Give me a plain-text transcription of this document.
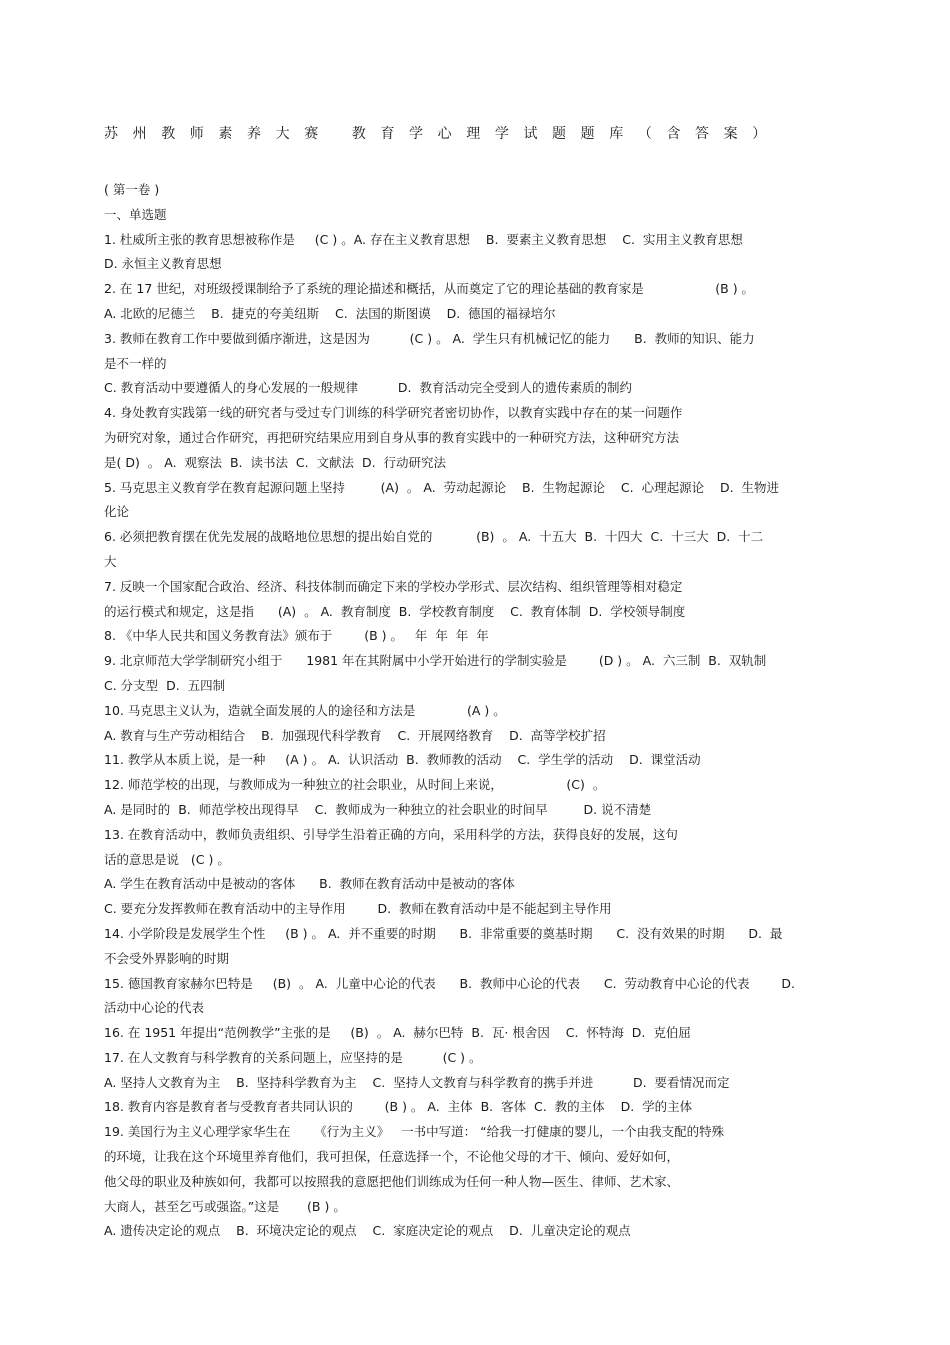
苏州教师素养大赛 教育学心理学试题题库（含答案）
( 第一卷 )
一、单选题
1. 杜威所主张的教育思想被称作是     (C ) 。A. 存在主义教育思想    B.  要素主义教育思想    C.  实用主义教育思想
D. 永恒主义教育思想
2. 在 17 世纪，对班级授课制给予了系统的理论描述和概括，从而奠定了它的理论基础的教育家是                  (B ) 。
A. 北欧的尼德兰    B.  捷克的夸美纽斯    C.  法国的斯图谟    D.  德国的福禄培尔
3. 教师在教育工作中要做到循序渐进，这是因为          (C ) 。 A.  学生只有机械记忆的能力      B.  教师的知识、能力
是不一样的
C. 教育活动中要遵循人的身心发展的一般规律          D.  教育活动完全受到人的遗传素质的制约
4. 身处教育实践第一线的研究者与受过专门训练的科学研究者密切协作，以教育实践中存在的某一问题作
为研究对象，通过合作研究，再把研究结果应用到自身从事的教育实践中的一种研究方法，这种研究方法
是( D)  。 A.  观察法  B.  读书法  C.  文献法  D.  行动研究法
5. 马克思主义教育学在教育起源问题上坚持         (A)  。 A.  劳动起源论    B.  生物起源论    C.  心理起源论    D.  生物进
化论
6. 必须把教育摆在优先发展的战略地位思想的提出始自党的           (B)  。 A.  十五大  B.  十四大  C.  十三大  D.  十二
大
7. 反映一个国家配合政治、经济、科技体制而确定下来的学校办学形式、层次结构、组织管理等相对稳定
的运行模式和规定，这是指      (A)  。 A.  教育制度  B.  学校教育制度    C.  教育体制  D.  学校领导制度
8. 《中华人民共和国义务教育法》颁布于        (B ) 。   年  年  年  年
9. 北京师范大学学制研究小组于      1981 年在其附属中小学开始进行的学制实验是        (D ) 。 A.  六三制  B.  双轨制
C. 分支型  D.  五四制
10. 马克思主义认为，造就全面发展的人的途径和方法是             (A ) 。
A. 教育与生产劳动相结合    B.  加强现代科学教育    C.  开展网络教育    D.  高等学校扩招
11. 教学从本质上说，是一种     (A ) 。 A.  认识活动  B.  教师教的活动    C.  学生学的活动    D.  课堂活动
12. 师范学校的出现，与教师成为一种独立的社会职业，从时间上来说，                (C)  。
A. 是同时的  B.  师范学校出现得早    C.  教师成为一种独立的社会职业的时间早         D. 说不清楚
13. 在教育活动中，教师负责组织、引导学生沿着正确的方向，采用科学的方法，获得良好的发展，这句
话的意思是说   (C ) 。
A. 学生在教育活动中是被动的客体      B.  教师在教育活动中是被动的客体
C. 要充分发挥教师在教育活动中的主导作用        D.  教师在教育活动中是不能起到主导作用
14. 小学阶段是发展学生个性     (B ) 。 A.  并不重要的时期      B.  非常重要的奠基时期      C.  没有效果的时期      D.  最
不会受外界影响的时期
15. 德国教育家赫尔巴特是     (B)  。 A.  儿童中心论的代表      B.  教师中心论的代表      C.  劳动教育中心论的代表        D.
活动中心论的代表
16. 在 1951 年提出“范例教学”主张的是     (B)  。 A.  赫尔巴特  B.  瓦· 根舍因    C.  怀特海  D.  克伯屈
17. 在人文教育与科学教育的关系问题上，应坚持的是          (C ) 。
A. 坚持人文教育为主    B.  坚持科学教育为主    C.  坚持人文教育与科学教育的携手并进          D.  要看情况而定
18. 教育内容是教育者与受教育者共同认识的        (B ) 。 A.  主体  B.  客体  C.  教的主体    D.  学的主体
19. 美国行为主义心理学家华生在      《行为主义》   一书中写道： “给我一打健康的婴儿，一个由我支配的特殊
的环境，让我在这个环境里养育他们，我可担保，任意选择一个，不论他父母的才干、倾向、爱好如何，
他父母的职业及种族如何，我都可以按照我的意愿把他们训练成为任何一种人物—医生、律师、艺术家、
大商人，甚至乞丐或强盗。”这是       (B ) 。
A. 遗传决定论的观点    B.  环境决定论的观点    C.  家庭决定论的观点    D.  儿童决定论的观点
